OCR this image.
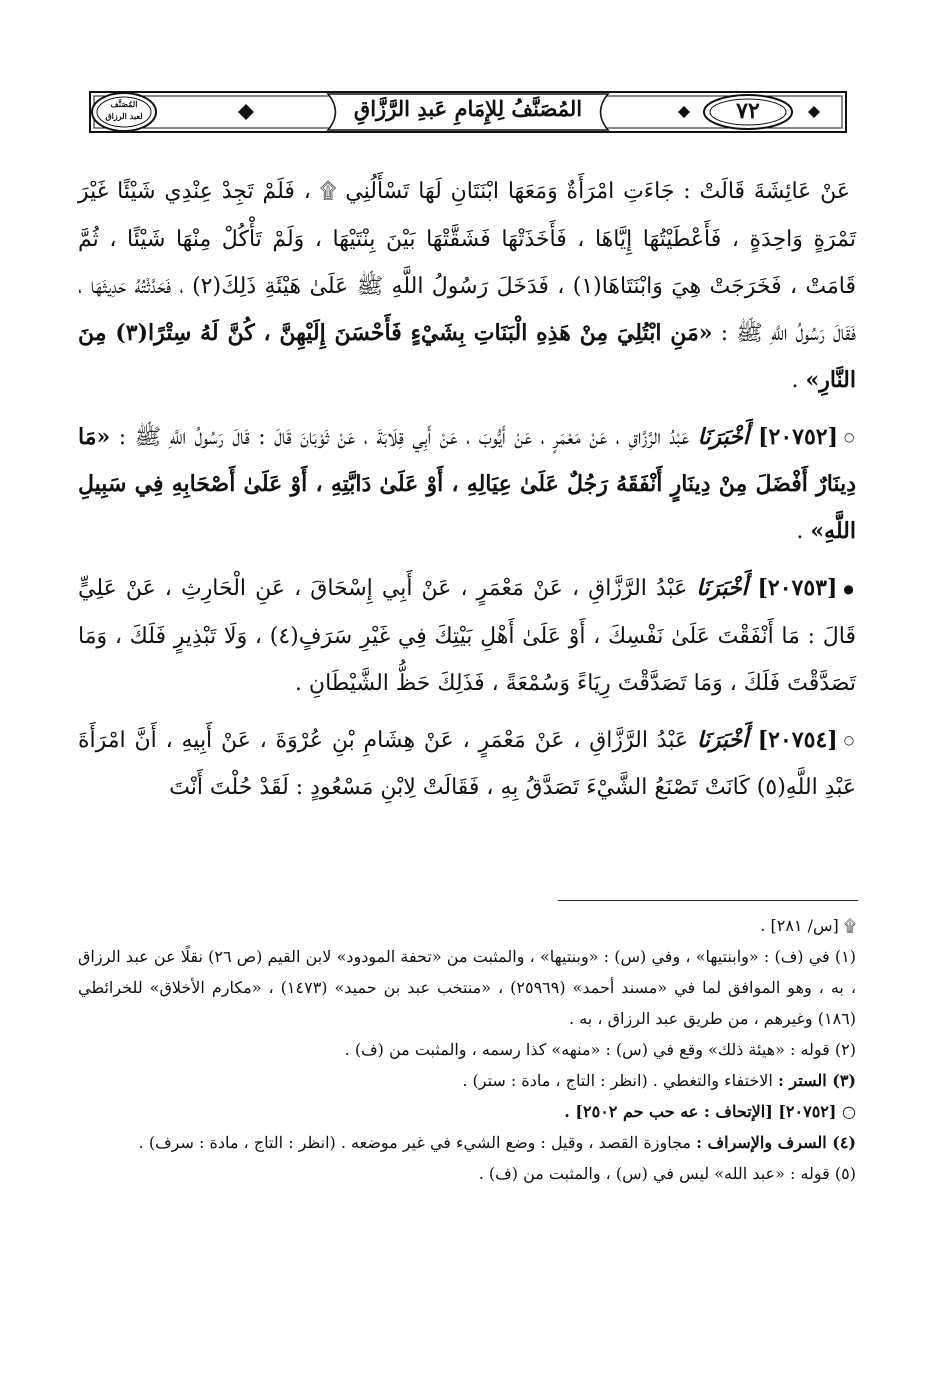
المُصَنَّف
لعبد الرزاق	المُصَنَّفُ لِلإِمَامِ عَبدِ الرَّزَّاقِ	٧٢

عَنْ عَائِشَةَ قَالَتْ : جَاءَتِ امْرَأَةٌ وَمَعَهَا ابْنَتَانِ لَهَا تَسْأَلُنِي ۩ ، فَلَمْ تَجِدْ عِنْدِي شَيْئًا غَيْرَ تَمْرَةٍ وَاحِدَةٍ ، فَأَعْطَيْتُهَا إِيَّاهَا ، فَأَخَذَتْهَا فَشَقَّتْهَا بَيْنَ بِنْتَيْهَا ، وَلَمْ تَأْكُلْ مِنْهَا شَيْئًا ، ثُمَّ قَامَتْ ، فَخَرَجَتْ هِيَ وَابْنَتَاهَا(١) ، فَدَخَلَ رَسُولُ اللَّهِ ﷺ عَلَىٰ هَيْئَةِ ذَلِكَ(٢) ، فَحَدَّثْتُهُ حَدِيثَهَا ، فَقَالَ رَسُولُ اللَّهِ ﷺ : «مَنِ ابْتُلِيَ مِنْ هَذِهِ الْبَنَاتِ بِشَيْءٍ فَأَحْسَنَ إِلَيْهِنَّ ، كُنَّ لَهُ سِتْرًا(٣) مِنَ النَّارِ» .

○[٢٠٧٥٢] أَخْبَرَنَا عَبْدُ الرَّزَّاقِ ، عَنْ مَعْمَرٍ ، عَنْ أَيُّوبَ ، عَنْ أَبِي قِلَابَةَ ، عَنْ ثَوْبَانَ قَالَ : قَالَ رَسُولُ اللَّهِ ﷺ : «مَا دِينَارٌ أَفْضَلَ مِنْ دِينَارٍ أَنْفَقَهُ رَجُلٌ عَلَىٰ عِيَالِهِ ، أَوْ عَلَىٰ دَابَّتِهِ ، أَوْ عَلَىٰ أَصْحَابِهِ فِي سَبِيلِ اللَّهِ» .

●[٢٠٧٥٣] أَخْبَرَنَا عَبْدُ الرَّزَّاقِ ، عَنْ مَعْمَرٍ ، عَنْ أَبِي إِسْحَاقَ ، عَنِ الْحَارِثِ ، عَنْ عَلِيٍّ قَالَ : مَا أَنْفَقْتَ عَلَىٰ نَفْسِكَ ، أَوْ عَلَىٰ أَهْلِ بَيْتِكَ فِي غَيْرِ سَرَفٍ(٤) ، وَلَا تَبْذِيرٍ فَلَكَ ، وَمَا تَصَدَّقْتَ فَلَكَ ، وَمَا تَصَدَّقْتَ رِيَاءً وَسُمْعَةً ، فَذَلِكَ حَظُّ الشَّيْطَانِ .

○[٢٠٧٥٤] أَخْبَرَنَا عَبْدُ الرَّزَّاقِ ، عَنْ مَعْمَرٍ ، عَنْ هِشَامِ بْنِ عُرْوَةَ ، عَنْ أَبِيهِ ، أَنَّ امْرَأَةَ عَبْدِ اللَّهِ(٥) كَانَتْ تَصْنَعُ الشَّيْءَ تَصَدَّقُ بِهِ ، فَقَالَتْ لِابْنِ مَسْعُودٍ : لَقَدْ حُلْتَ أَنْتَ

۩ [س/ ٢٨١] .

(١) في (ف) : «وابنتيها» ، وفي (س) : «وبنتيها» ، والمثبت من «تحفة المودود» لابن القيم (ص ٢٦) نقلًا عن عبد الرزاق ، به ، وهو الموافق لما في «مسند أحمد» (٢٥٩٦٩) ، «منتخب عبد بن حميد» (١٤٧٣) ، «مكارم الأخلاق» للخرائطي (١٨٦) وغيرهم ، من طريق عبد الرزاق ، به .

(٢) قوله : «هيئة ذلك» وقع في (س) : «منهه» كذا رسمه ، والمثبت من (ف) .

(٣) الستر : الاختفاء والتغطي . (انظر : التاج ، مادة : ستر) .

○ [٢٠٧٥٢] [الإتحاف : عه حب حم ٢٥٠٢] .

(٤) السرف والإسراف : مجاوزة القصد ، وقيل : وضع الشيء في غير موضعه . (انظر : التاج ، مادة : سرف) .

(٥) قوله : «عبد الله» ليس في (س) ، والمثبت من (ف) .
